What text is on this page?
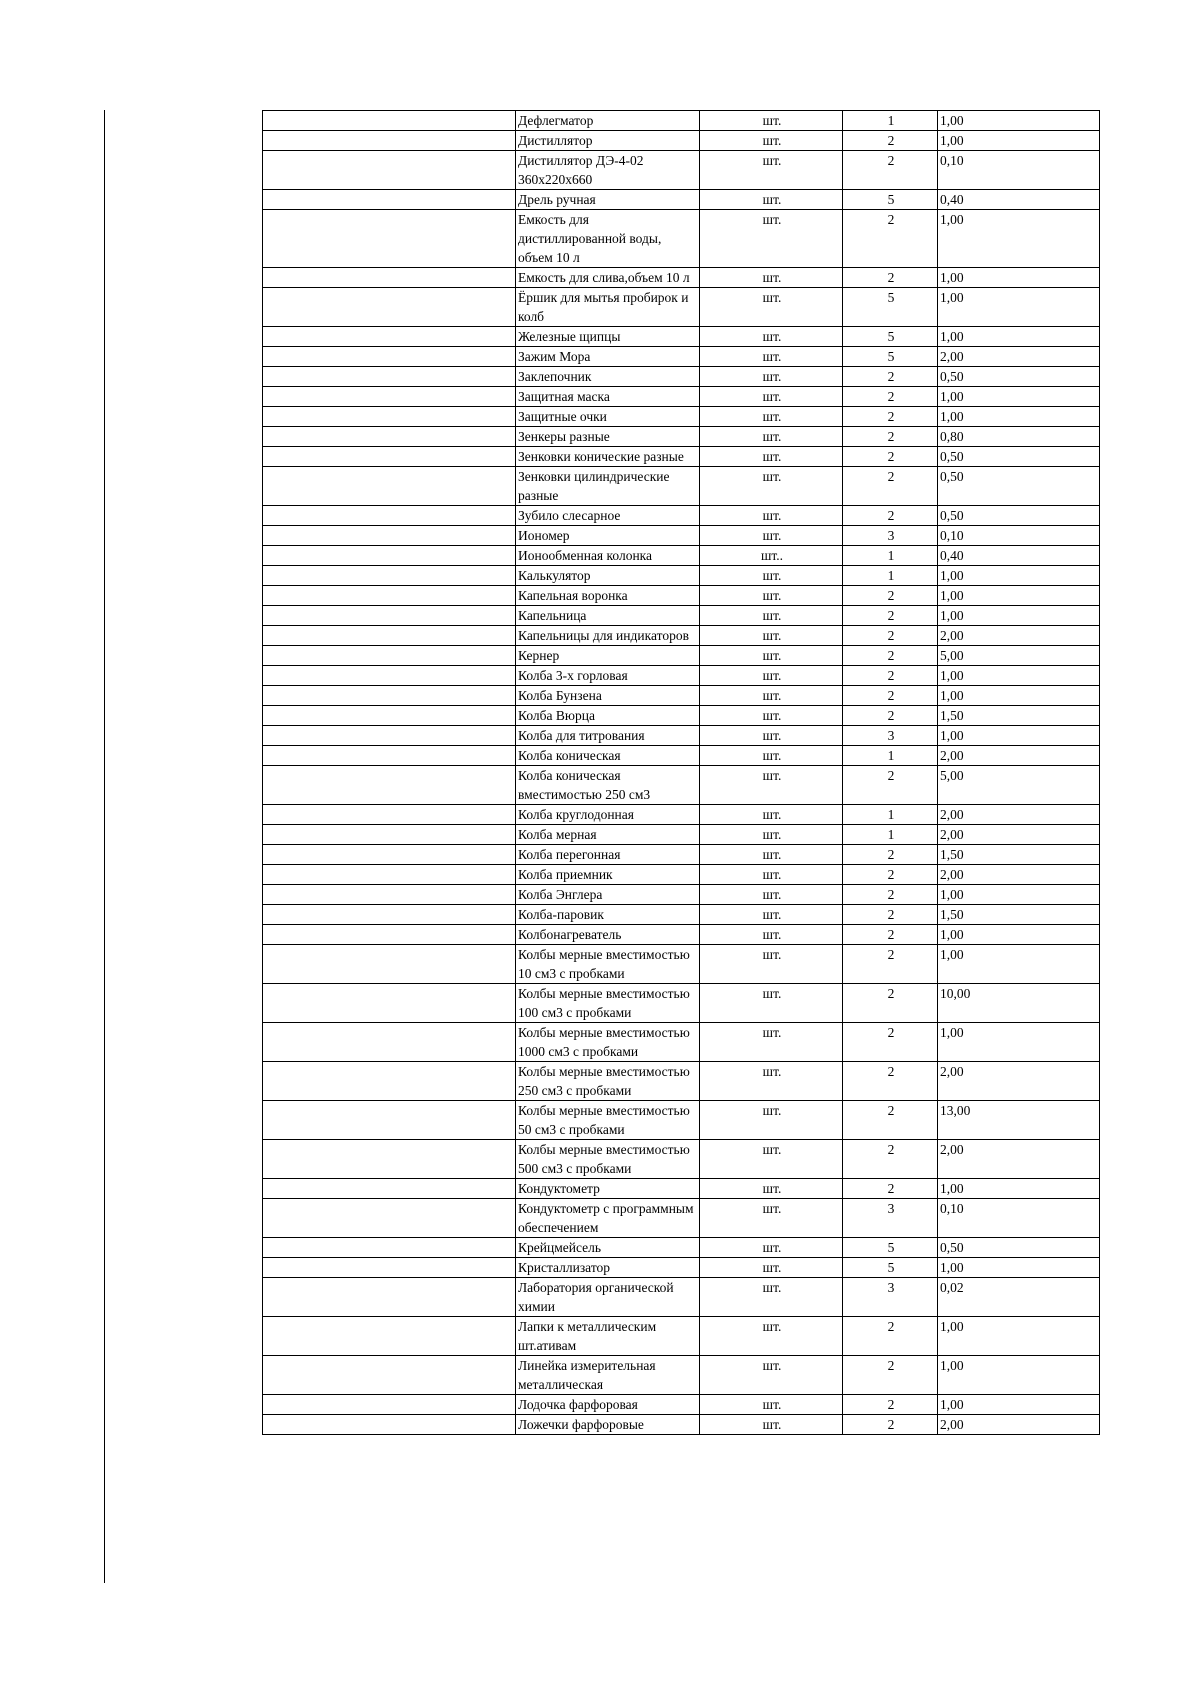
	Дефлегматор	шт.	1	1,00
	Дистиллятор	шт.	2	1,00
	Дистиллятор ДЭ-4-02 360х220х660	шт.	2	0,10
	Дрель ручная	шт.	5	0,40
	Емкость для дистиллированной воды, объем 10 л	шт.	2	1,00
	Емкость для слива,объем 10 л	шт.	2	1,00
	Ёршик для мытья пробирок и колб	шт.	5	1,00
	Железные щипцы	шт.	5	1,00
	Зажим Мора	шт.	5	2,00
	Заклепочник	шт.	2	0,50
	Защитная маска	шт.	2	1,00
	Защитные очки	шт.	2	1,00
	Зенкеры разные	шт.	2	0,80
	Зенковки конические разные	шт.	2	0,50
	Зенковки цилиндрические разные	шт.	2	0,50
	Зубило слесарное	шт.	2	0,50
	Иономер	шт.	3	0,10
	Ионообменная колонка	шт..	1	0,40
	Калькулятор	шт.	1	1,00
	Капельная воронка	шт.	2	1,00
	Капельница	шт.	2	1,00
	Капельницы для индикаторов	шт.	2	2,00
	Кернер	шт.	2	5,00
	Колба 3-х горловая	шт.	2	1,00
	Колба Бунзена	шт.	2	1,00
	Колба Вюрца	шт.	2	1,50
	Колба для титрования	шт.	3	1,00
	Колба коническая	шт.	1	2,00
	Колба коническая вместимостью 250 см3	шт.	2	5,00
	Колба круглодонная	шт.	1	2,00
	Колба мерная	шт.	1	2,00
	Колба перегонная	шт.	2	1,50
	Колба приемник	шт.	2	2,00
	Колба Энглера	шт.	2	1,00
	Колба-паровик	шт.	2	1,50
	Колбонагреватель	шт.	2	1,00
	Колбы мерные вместимостью 10 см3 с пробками	шт.	2	1,00
	Колбы мерные вместимостью 100 см3 с пробками	шт.	2	10,00
	Колбы мерные вместимостью 1000 см3 с пробками	шт.	2	1,00
	Колбы мерные вместимостью 250 см3 с пробками	шт.	2	2,00
	Колбы мерные вместимостью 50 см3 с пробками	шт.	2	13,00
	Колбы мерные вместимостью 500 см3 с пробками	шт.	2	2,00
	Кондуктометр	шт.	2	1,00
	Кондуктометр с программным обеспечением	шт.	3	0,10
	Крейцмейсель	шт.	5	0,50
	Кристаллизатор	шт.	5	1,00
	Лаборатория органической химии	шт.	3	0,02
	Лапки к металлическим шт.ативам	шт.	2	1,00
	Линейка измерительная металлическая	шт.	2	1,00
	Лодочка фарфоровая	шт.	2	1,00
	Ложечки фарфоровые	шт.	2	2,00
